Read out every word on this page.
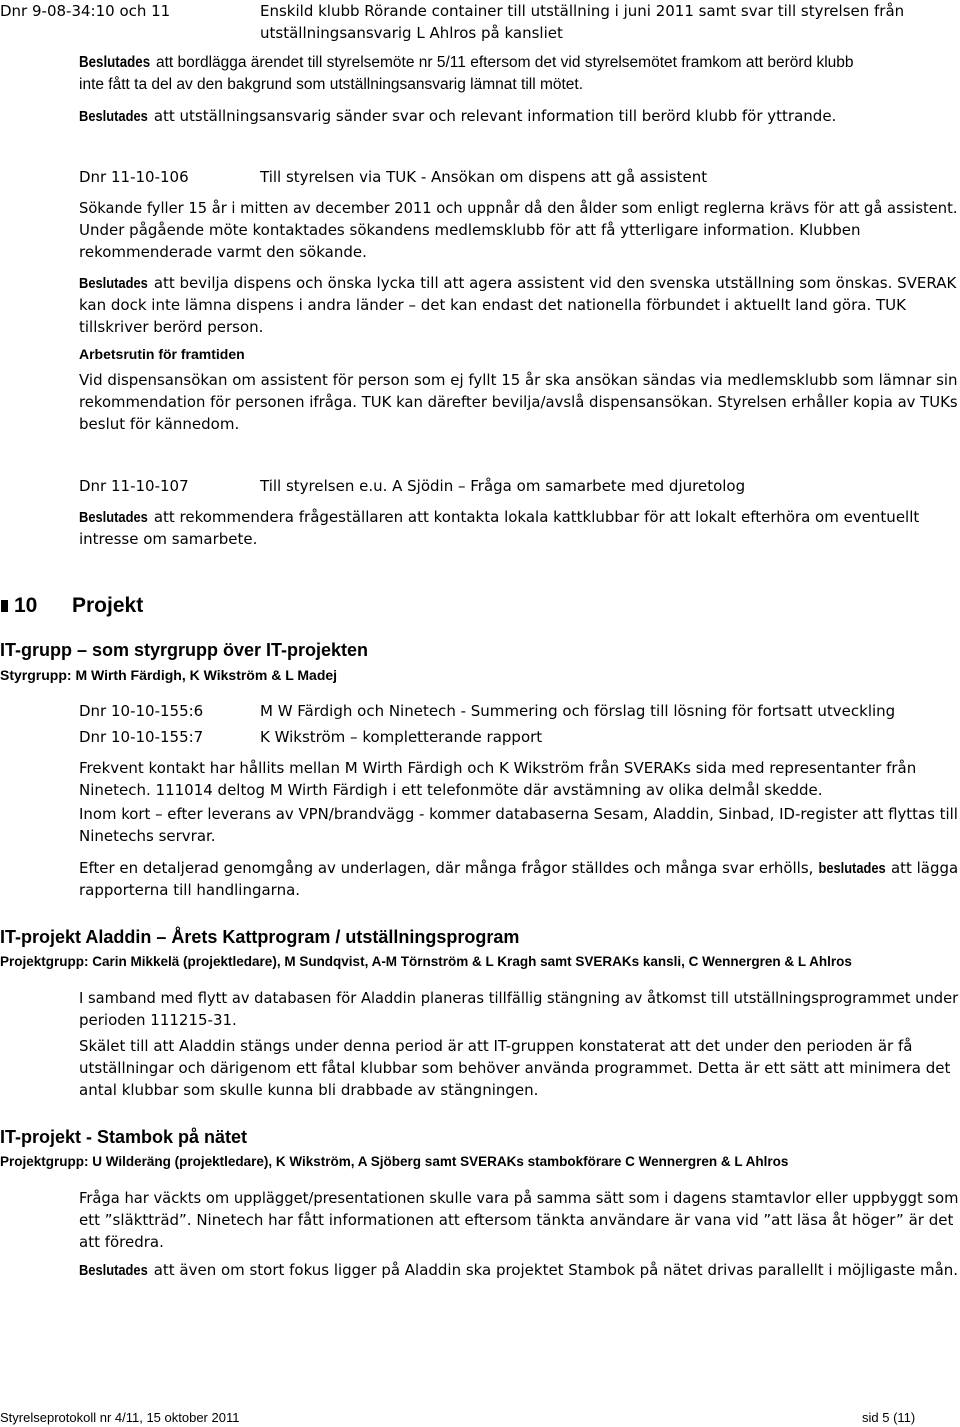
Dnr 9-08-34:10 och 11	Enskild klubb Rörande container till utställning i juni 2011 samt svar till styrelsen från
utställningsansvarig L Ahlros på kansliet
Beslutades att bordlägga ärendet till styrelsemöte nr 5/11 eftersom det vid styrelsemötet framkom att berörd klubb
inte fått ta del av den bakgrund som utställningsansvarig lämnat till mötet.
Beslutades att utställningsansvarig sänder svar och relevant information till berörd klubb för yttrande.
Dnr 11-10-106	Till styrelsen via TUK - Ansökan om dispens att gå assistent
Sökande fyller 15 år i mitten av december 2011 och uppnår då den ålder som enligt reglerna krävs för att gå assistent.
Under pågående möte kontaktades sökandens medlemsklubb för att få ytterligare information. Klubben
rekommenderade varmt den sökande.
Beslutades att bevilja dispens och önska lycka till att agera assistent vid den svenska utställning som önskas. SVERAK
kan dock inte lämna dispens i andra länder – det kan endast det nationella förbundet i aktuellt land göra. TUK
tillskriver berörd person.
Arbetsrutin för framtiden
Vid dispensansökan om assistent för person som ej fyllt 15 år ska ansökan sändas via medlemsklubb som lämnar sin
rekommendation för personen ifråga. TUK kan därefter bevilja/avslå dispensansökan. Styrelsen erhåller kopia av TUKs
beslut för kännedom.
Dnr 11-10-107	Till styrelsen e.u. A Sjödin – Fråga om samarbete med djuretolog
Beslutades att rekommendera frågeställaren att kontakta lokala kattklubbar för att lokalt efterhöra om eventuellt
intresse om samarbete.
10 Projekt
IT-grupp – som styrgrupp över IT-projekten
Styrgrupp: M Wirth Färdigh, K Wikström & L Madej
Dnr 10-10-155:6	M W Färdigh och Ninetech - Summering och förslag till lösning för fortsatt utveckling
Dnr 10-10-155:7	K Wikström – kompletterande rapport
Frekvent kontakt har hållits mellan M Wirth Färdigh och K Wikström från SVERAKs sida med representanter från
Ninetech. 111014 deltog M Wirth Färdigh i ett telefonmöte där avstämning av olika delmål skedde.
Inom kort – efter leverans av VPN/brandvägg - kommer databaserna Sesam, Aladdin, Sinbad, ID-register att flyttas till
Ninetechs servrar.
Efter en detaljerad genomgång av underlagen, där många frågor ställdes och många svar erhölls, beslutades att lägga
rapporterna till handlingarna.
IT-projekt Aladdin – Årets Kattprogram / utställningsprogram
Projektgrupp: Carin Mikkelä (projektledare), M Sundqvist, A-M Törnström & L Kragh samt SVERAKs kansli, C Wennergren & L Ahlros
I samband med flytt av databasen för Aladdin planeras tillfällig stängning av åtkomst till utställningsprogrammet under
perioden 111215-31.
Skälet till att Aladdin stängs under denna period är att IT-gruppen konstaterat att det under den perioden är få
utställningar och därigenom ett fåtal klubbar som behöver använda programmet. Detta är ett sätt att minimera det
antal klubbar som skulle kunna bli drabbade av stängningen.
IT-projekt - Stambok på nätet
Projektgrupp: U Wilderäng (projektledare), K Wikström, A Sjöberg samt SVERAKs stambokförare C Wennergren & L Ahlros
Fråga har väckts om upplägget/presentationen skulle vara på samma sätt som i dagens stamtavlor eller uppbyggt som
ett ”släktträd”. Ninetech har fått informationen att eftersom tänkta användare är vana vid ”att läsa åt höger” är det
att föredra.
Beslutades att även om stort fokus ligger på Aladdin ska projektet Stambok på nätet drivas parallellt i möjligaste mån.
Styrelseprotokoll nr 4/11, 15 oktober 2011	sid 5 (11)
